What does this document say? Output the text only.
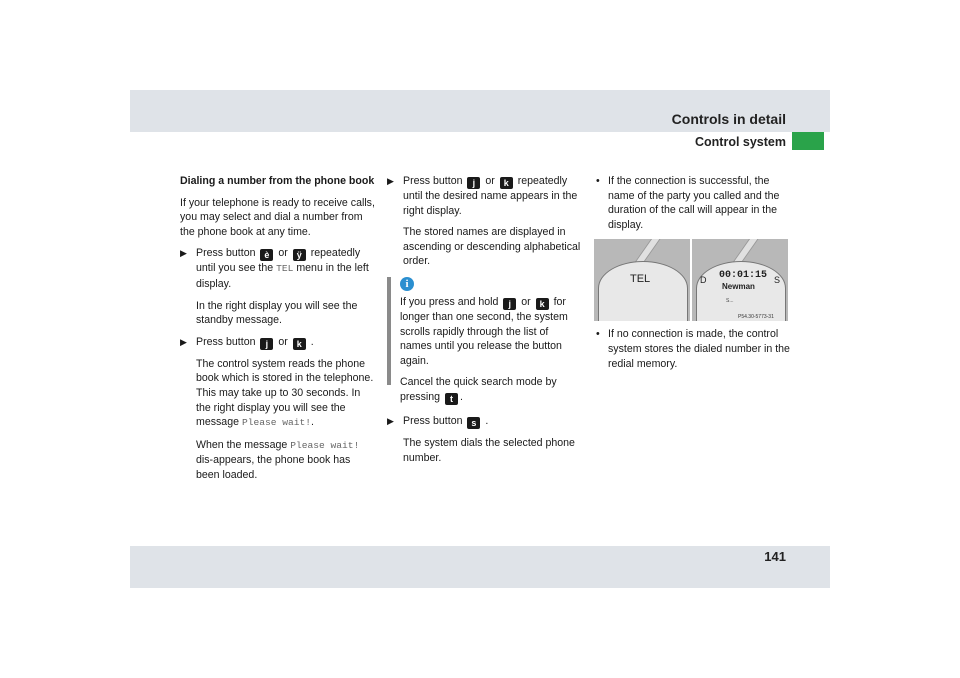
Controls in detail
Control system

Dialing a number from the phone book

If your telephone is ready to receive calls, you may select and dial a number from the phone book at any time.

▶ Press button è or ÿ repeatedly until you see the TEL menu in the left display.

In the right display you will see the standby message.

▶ Press button j or k .

The control system reads the phone book which is stored in the telephone. This may take up to 30 seconds. In the right display you will see the message Please wait!.

When the message Please wait! dis-appears, the phone book has been loaded.

▶ Press button j or k repeatedly until the desired name appears in the right display.

The stored names are displayed in ascending or descending alphabetical order.

i

If you press and hold j or k for longer than one second, the system scrolls rapidly through the list of names until you release the button again.

Cancel the quick search mode by pressing t .

▶ Press button s .

The system dials the selected phone number.

• If the connection is successful, the name of the party you called and the duration of the call will appear in the display.
TEL	D	S
00:01:15
Newman
S...
P54.30-5773-31
• If no connection is made, the control system stores the dialed number in the redial memory.
141
